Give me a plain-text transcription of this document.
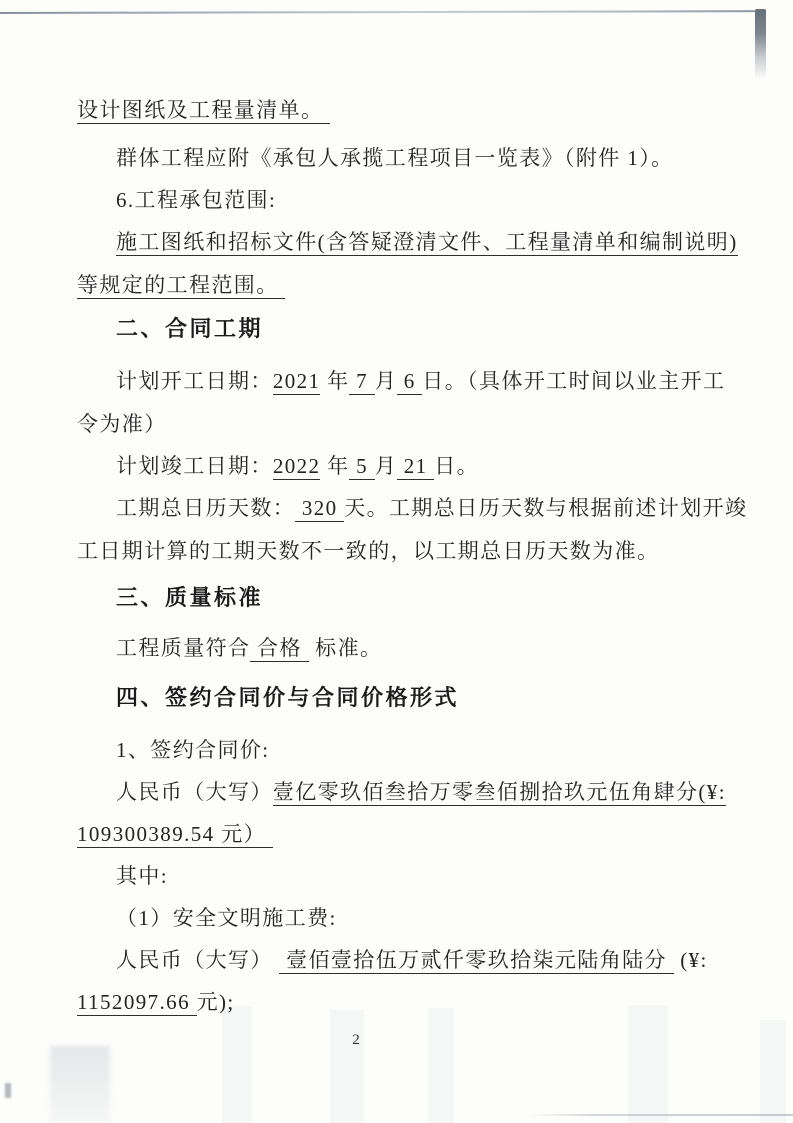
设计图纸及工程量清单。
群体工程应附《承包人承揽工程项目一览表》（附件 1）。
6.工程承包范围:
施工图纸和招标文件(含答疑澄清文件、工程量清单和编制说明)
等规定的工程范围。
二、合同工期
计划开工日期：2021 年 7 月 6 日。（具体开工时间以业主开工
令为准）
计划竣工日期：2022 年 5 月 21 日。
工期总日历天数： 320 天。工期总日历天数与根据前述计划开竣
工日期计算的工期天数不一致的，以工期总日历天数为准。
三、质量标准
工程质量符合 合格  标准。
四、签约合同价与合同价格形式
1、签约合同价:
人民币（大写）壹亿零玖佰叁拾万零叁佰捌拾玖元伍角肆分(¥:
109300389.54 元）
其中:
（1）安全文明施工费:
人民币（大写）  壹佰壹拾伍万贰仟零玖拾柒元陆角陆分  (¥:
1152097.66 元);
2
